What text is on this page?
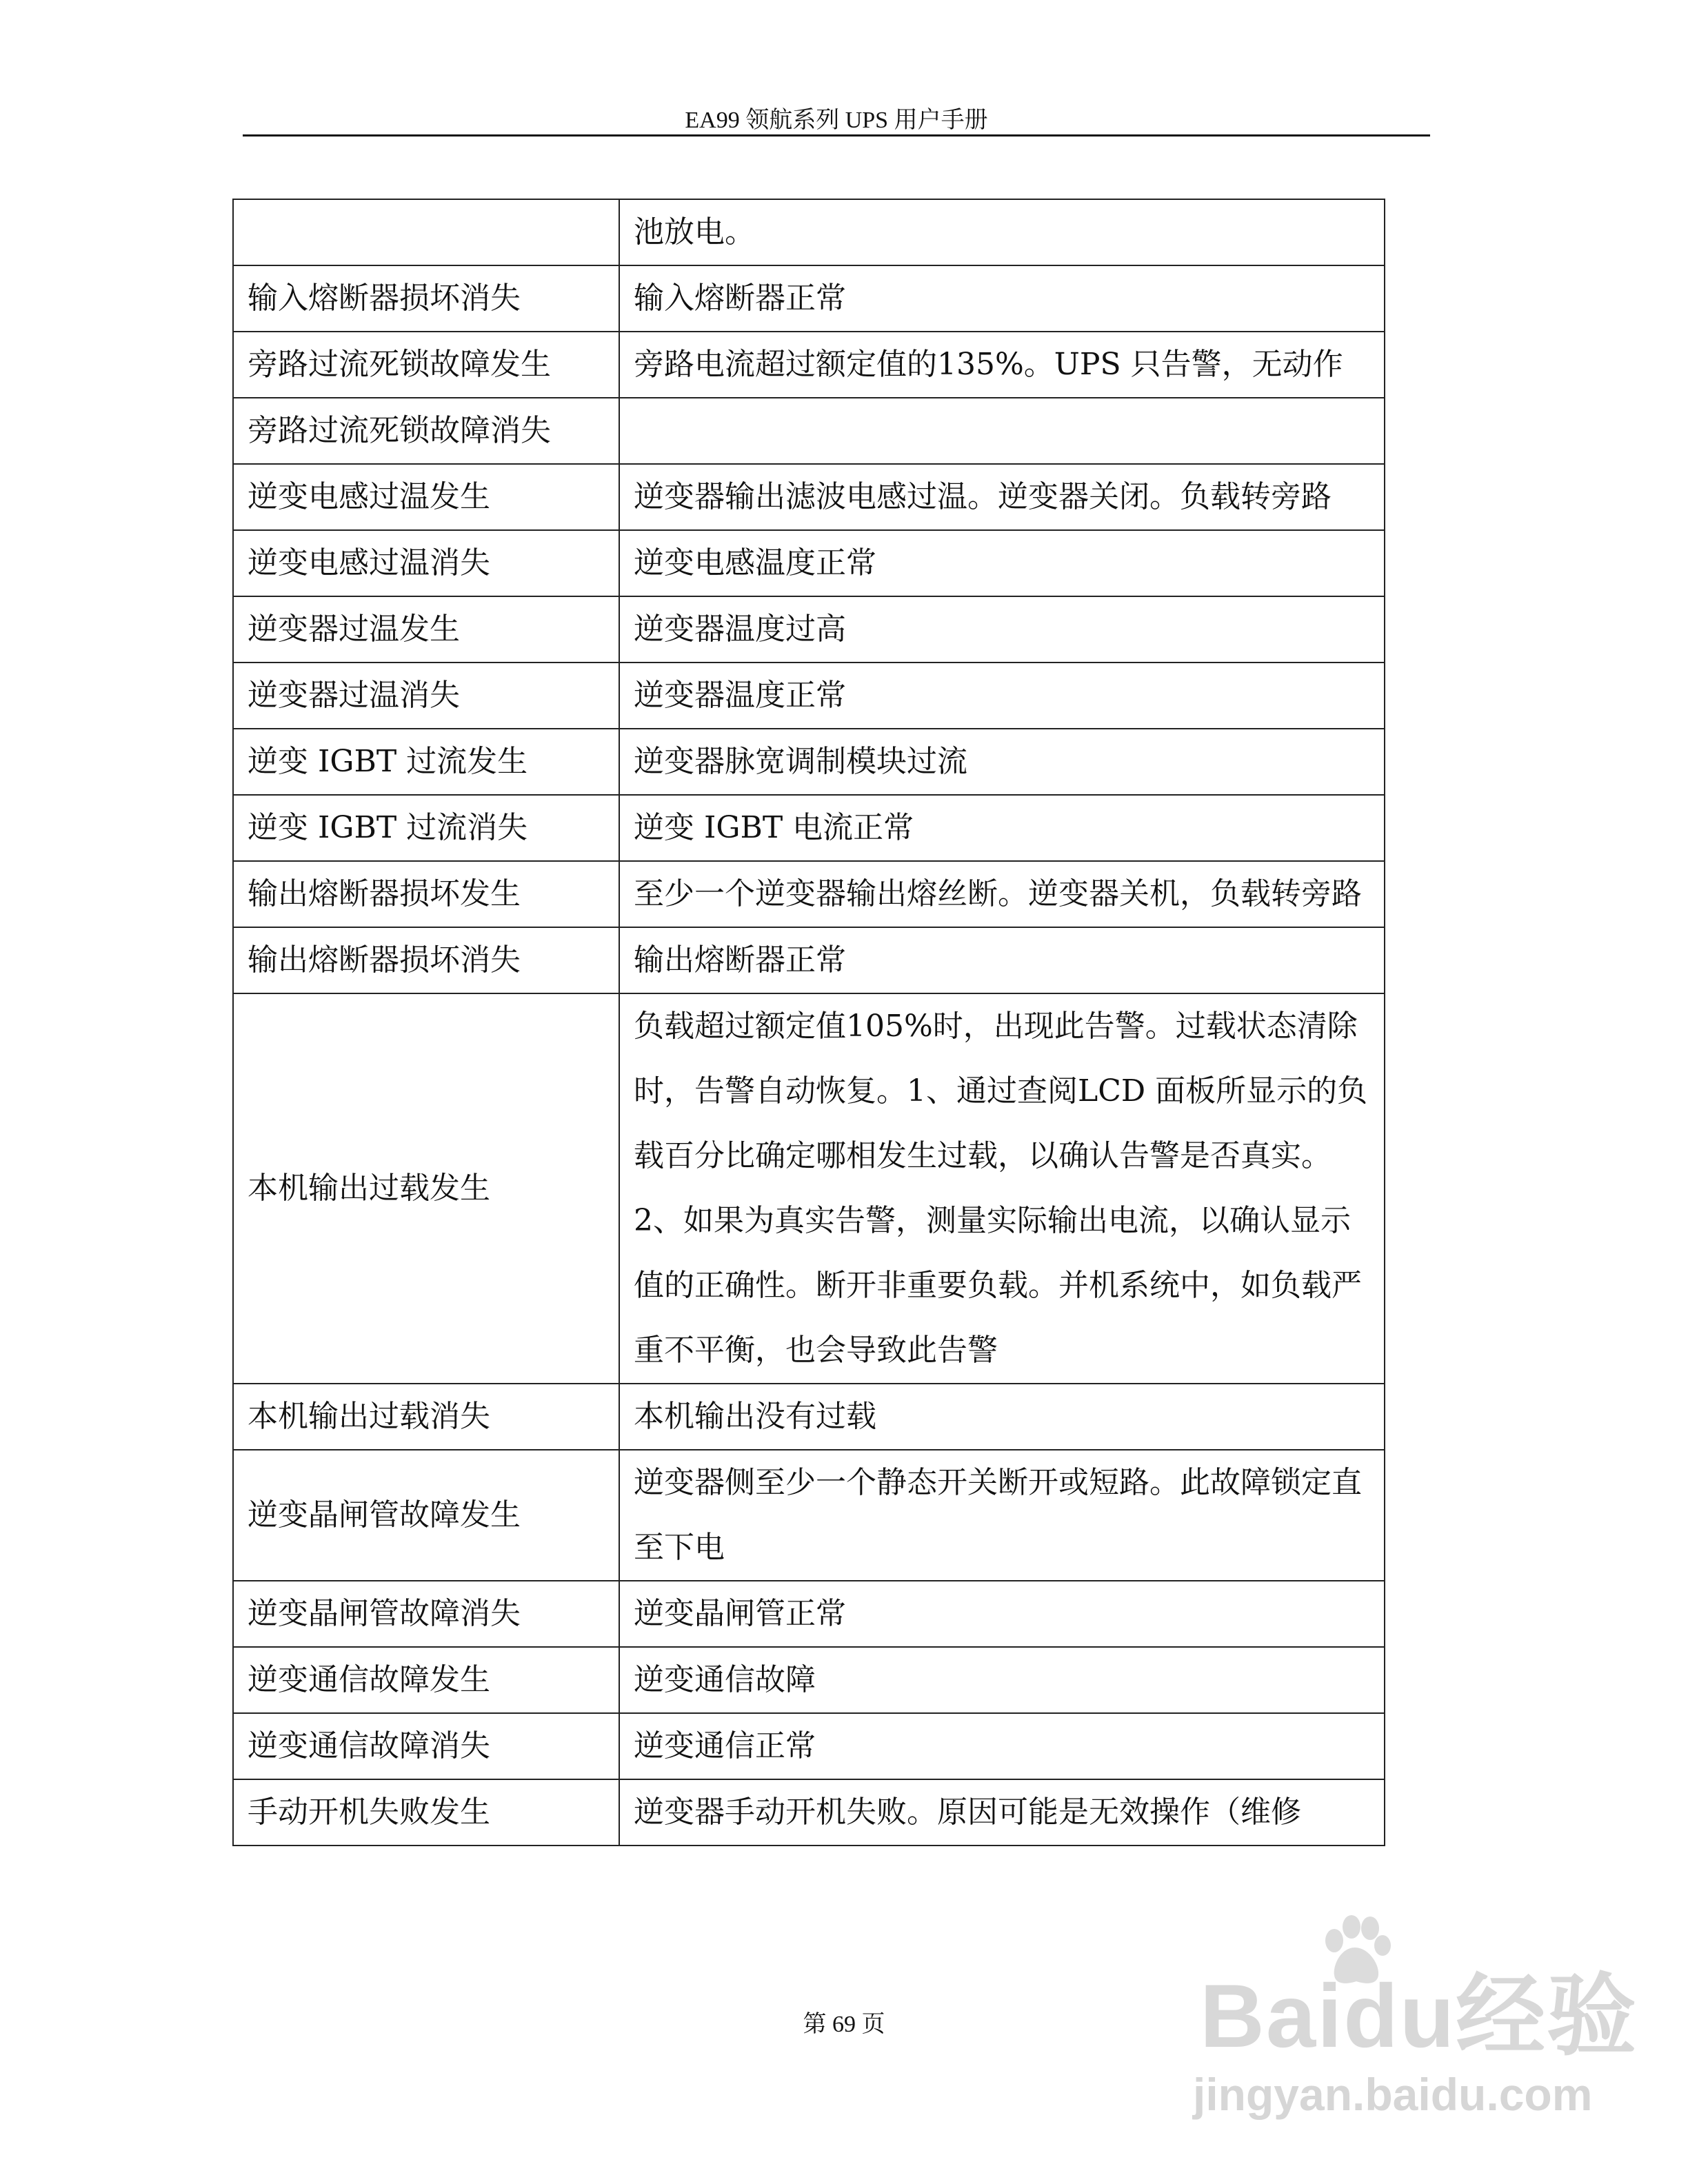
EA99 领航系列 UPS 用户手册
	池放电。
输入熔断器损坏消失	输入熔断器正常
旁路过流死锁故障发生	旁路电流超过额定值的135%。UPS 只告警，无动作
旁路过流死锁故障消失	
逆变电感过温发生	逆变器输出滤波电感过温。逆变器关闭。负载转旁路
逆变电感过温消失	逆变电感温度正常
逆变器过温发生	逆变器温度过高
逆变器过温消失	逆变器温度正常
逆变 IGBT 过流发生	逆变器脉宽调制模块过流
逆变 IGBT 过流消失	逆变 IGBT 电流正常
输出熔断器损坏发生	至少一个逆变器输出熔丝断。逆变器关机，负载转旁路
输出熔断器损坏消失	输出熔断器正常
本机输出过载发生	负载超过额定值105%时，出现此告警。过载状态清除时，告警自动恢复。1、通过查阅LCD 面板所显示的负载百分比确定哪相发生过载，以确认告警是否真实。2、如果为真实告警，测量实际输出电流，以确认显示值的正确性。断开非重要负载。并机系统中，如负载严重不平衡，也会导致此告警
本机输出过载消失	本机输出没有过载
逆变晶闸管故障发生	逆变器侧至少一个静态开关断开或短路。此故障锁定直至下电
逆变晶闸管故障消失	逆变晶闸管正常
逆变通信故障发生	逆变通信故障
逆变通信故障消失	逆变通信正常
手动开机失败发生	逆变器手动开机失败。原因可能是无效操作（维修
第 69 页	Baidu经验
jingyan.baidu.com
